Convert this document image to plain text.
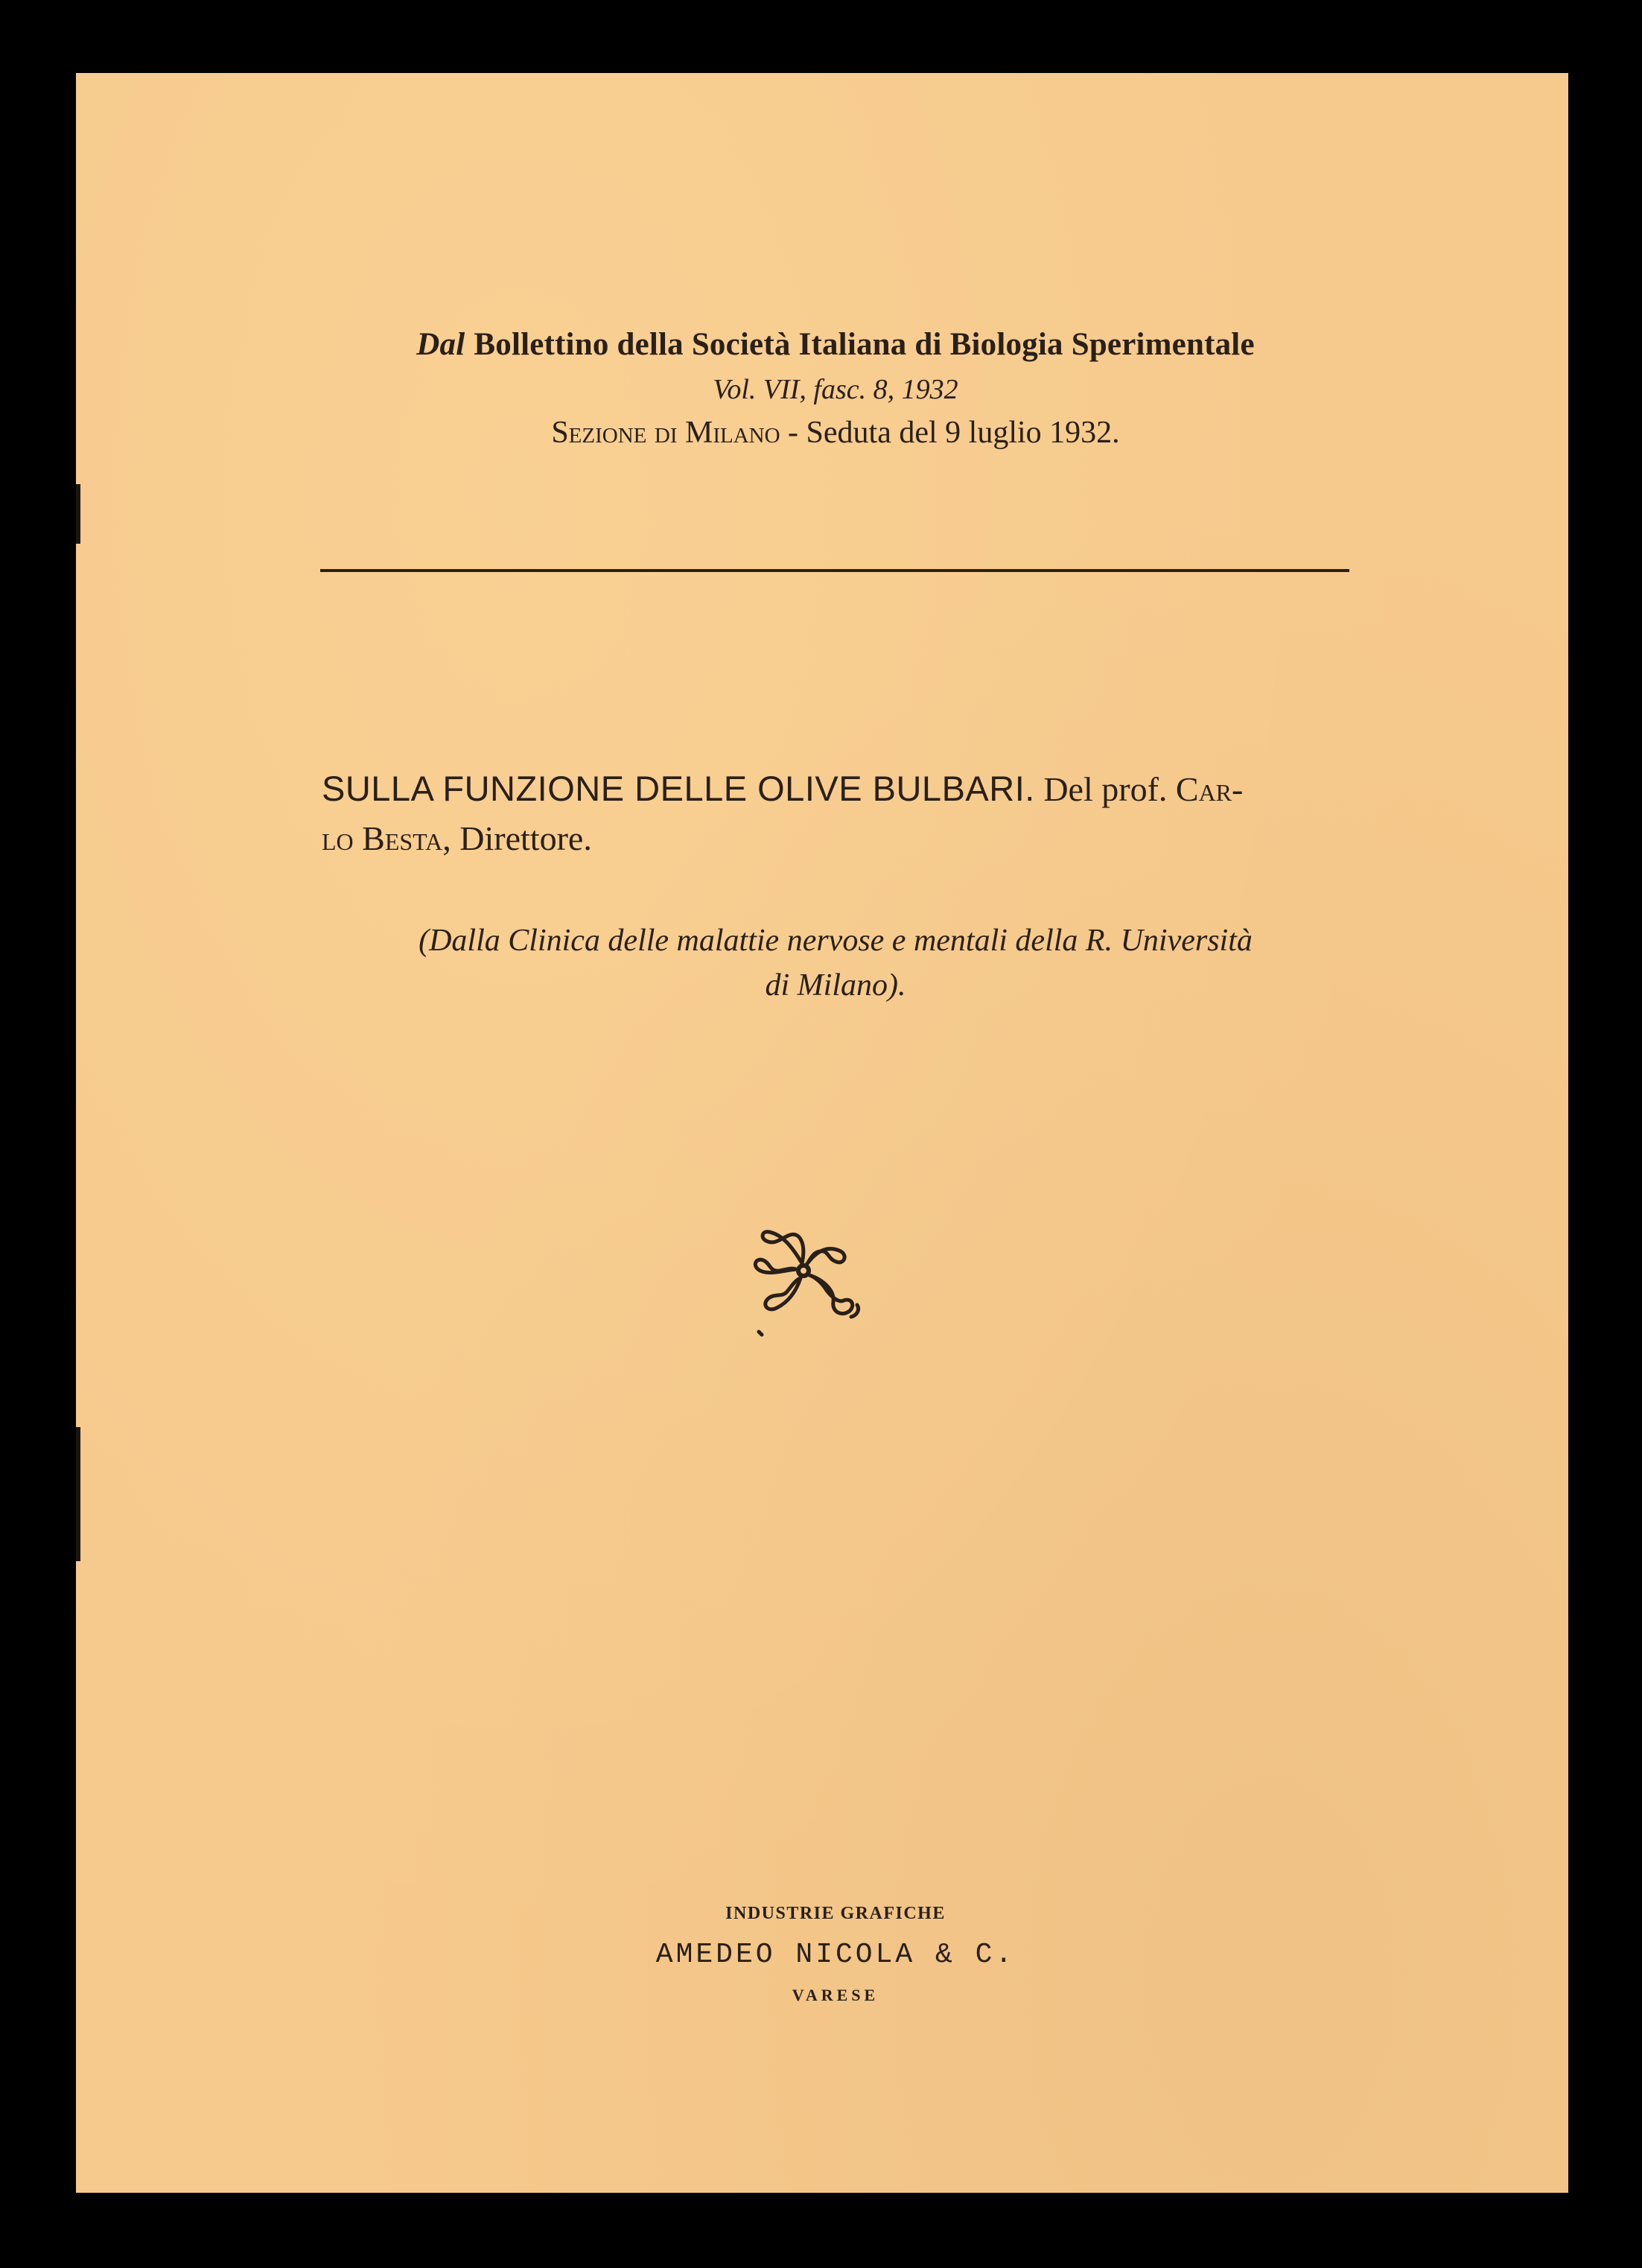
Dal Bollettino della Società Italiana di Biologia Sperimentale
Vol. VII, fasc. 8, 1932
Sezione di Milano - Seduta del 9 luglio 1932.
SULLA FUNZIONE DELLE OLIVE BULBARI. Del prof. Car-
lo Besta, Direttore.
(Dalla Clinica delle malattie nervose e mentali della R. Università
di Milano).
INDUSTRIE GRAFICHE
AMEDEO NICOLA & C.
VARESE
